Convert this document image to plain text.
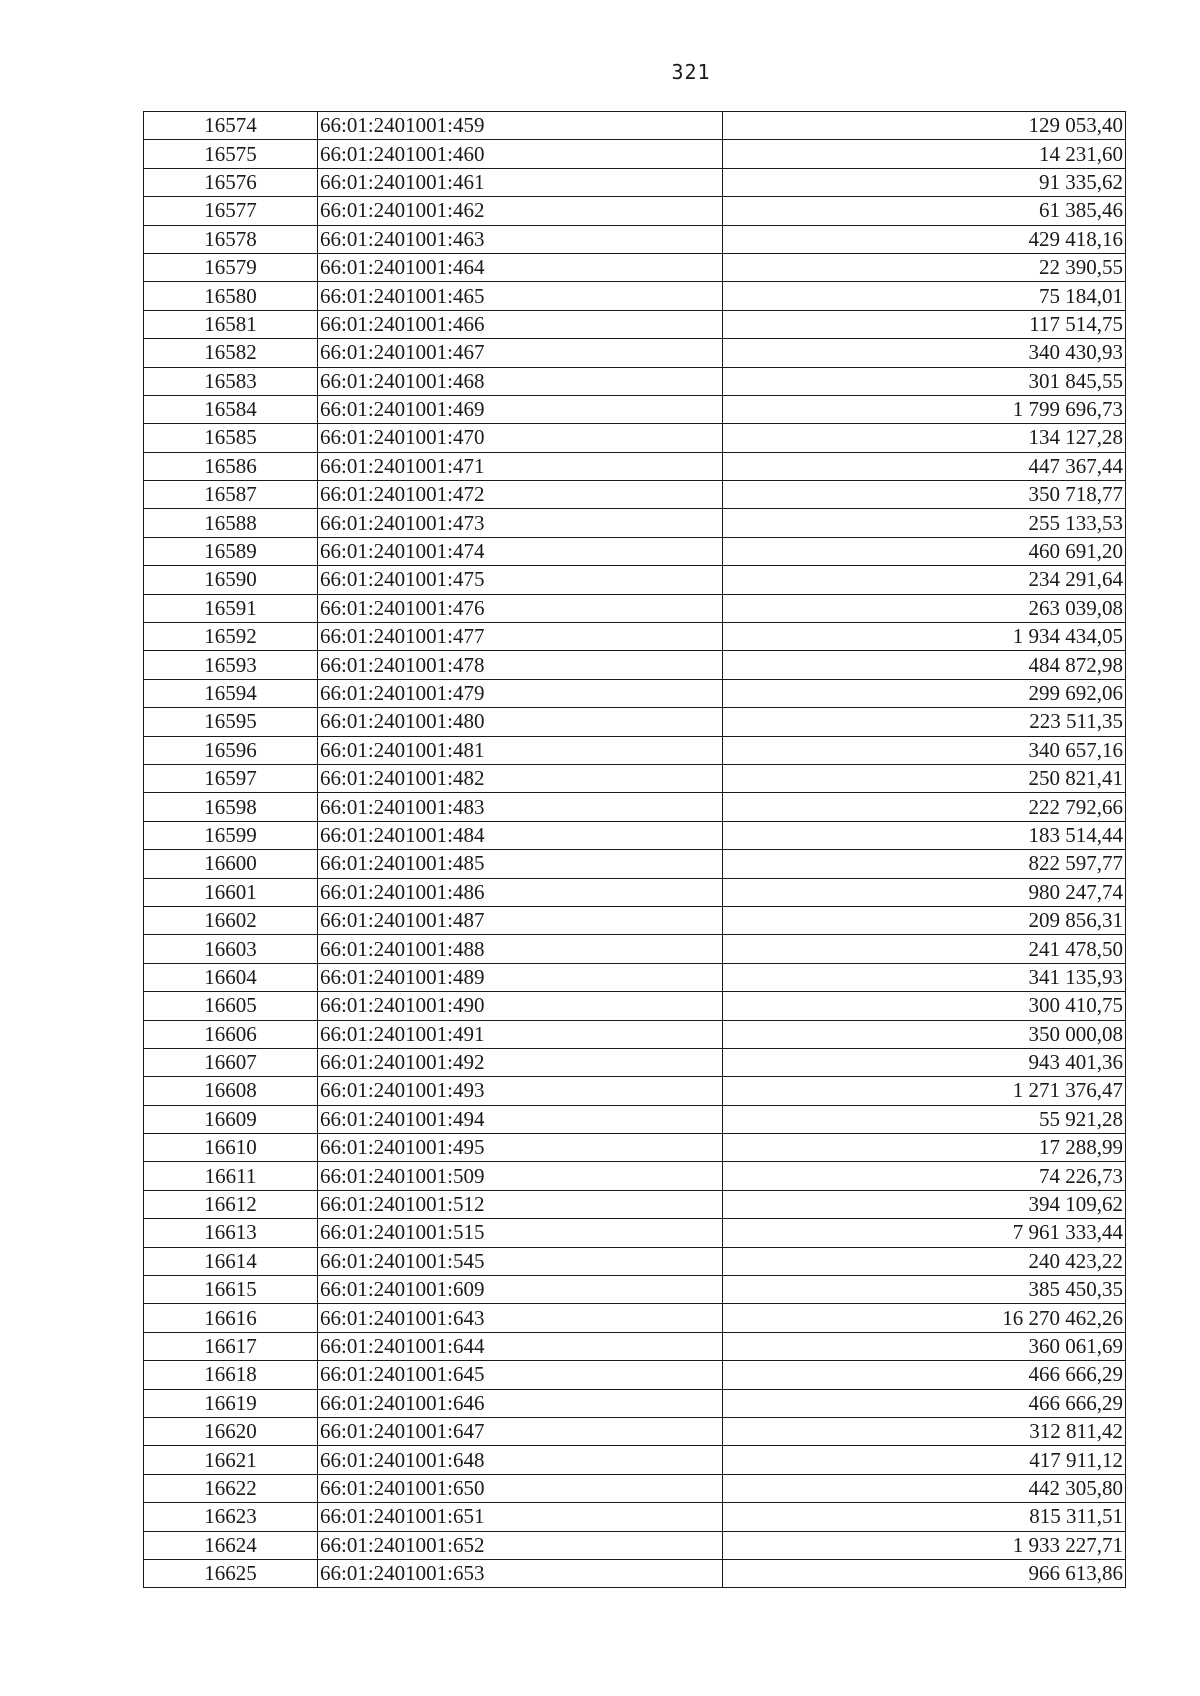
321
16574	66:01:2401001:459	129 053,40
16575	66:01:2401001:460	14 231,60
16576	66:01:2401001:461	91 335,62
16577	66:01:2401001:462	61 385,46
16578	66:01:2401001:463	429 418,16
16579	66:01:2401001:464	22 390,55
16580	66:01:2401001:465	75 184,01
16581	66:01:2401001:466	117 514,75
16582	66:01:2401001:467	340 430,93
16583	66:01:2401001:468	301 845,55
16584	66:01:2401001:469	1 799 696,73
16585	66:01:2401001:470	134 127,28
16586	66:01:2401001:471	447 367,44
16587	66:01:2401001:472	350 718,77
16588	66:01:2401001:473	255 133,53
16589	66:01:2401001:474	460 691,20
16590	66:01:2401001:475	234 291,64
16591	66:01:2401001:476	263 039,08
16592	66:01:2401001:477	1 934 434,05
16593	66:01:2401001:478	484 872,98
16594	66:01:2401001:479	299 692,06
16595	66:01:2401001:480	223 511,35
16596	66:01:2401001:481	340 657,16
16597	66:01:2401001:482	250 821,41
16598	66:01:2401001:483	222 792,66
16599	66:01:2401001:484	183 514,44
16600	66:01:2401001:485	822 597,77
16601	66:01:2401001:486	980 247,74
16602	66:01:2401001:487	209 856,31
16603	66:01:2401001:488	241 478,50
16604	66:01:2401001:489	341 135,93
16605	66:01:2401001:490	300 410,75
16606	66:01:2401001:491	350 000,08
16607	66:01:2401001:492	943 401,36
16608	66:01:2401001:493	1 271 376,47
16609	66:01:2401001:494	55 921,28
16610	66:01:2401001:495	17 288,99
16611	66:01:2401001:509	74 226,73
16612	66:01:2401001:512	394 109,62
16613	66:01:2401001:515	7 961 333,44
16614	66:01:2401001:545	240 423,22
16615	66:01:2401001:609	385 450,35
16616	66:01:2401001:643	16 270 462,26
16617	66:01:2401001:644	360 061,69
16618	66:01:2401001:645	466 666,29
16619	66:01:2401001:646	466 666,29
16620	66:01:2401001:647	312 811,42
16621	66:01:2401001:648	417 911,12
16622	66:01:2401001:650	442 305,80
16623	66:01:2401001:651	815 311,51
16624	66:01:2401001:652	1 933 227,71
16625	66:01:2401001:653	966 613,86
